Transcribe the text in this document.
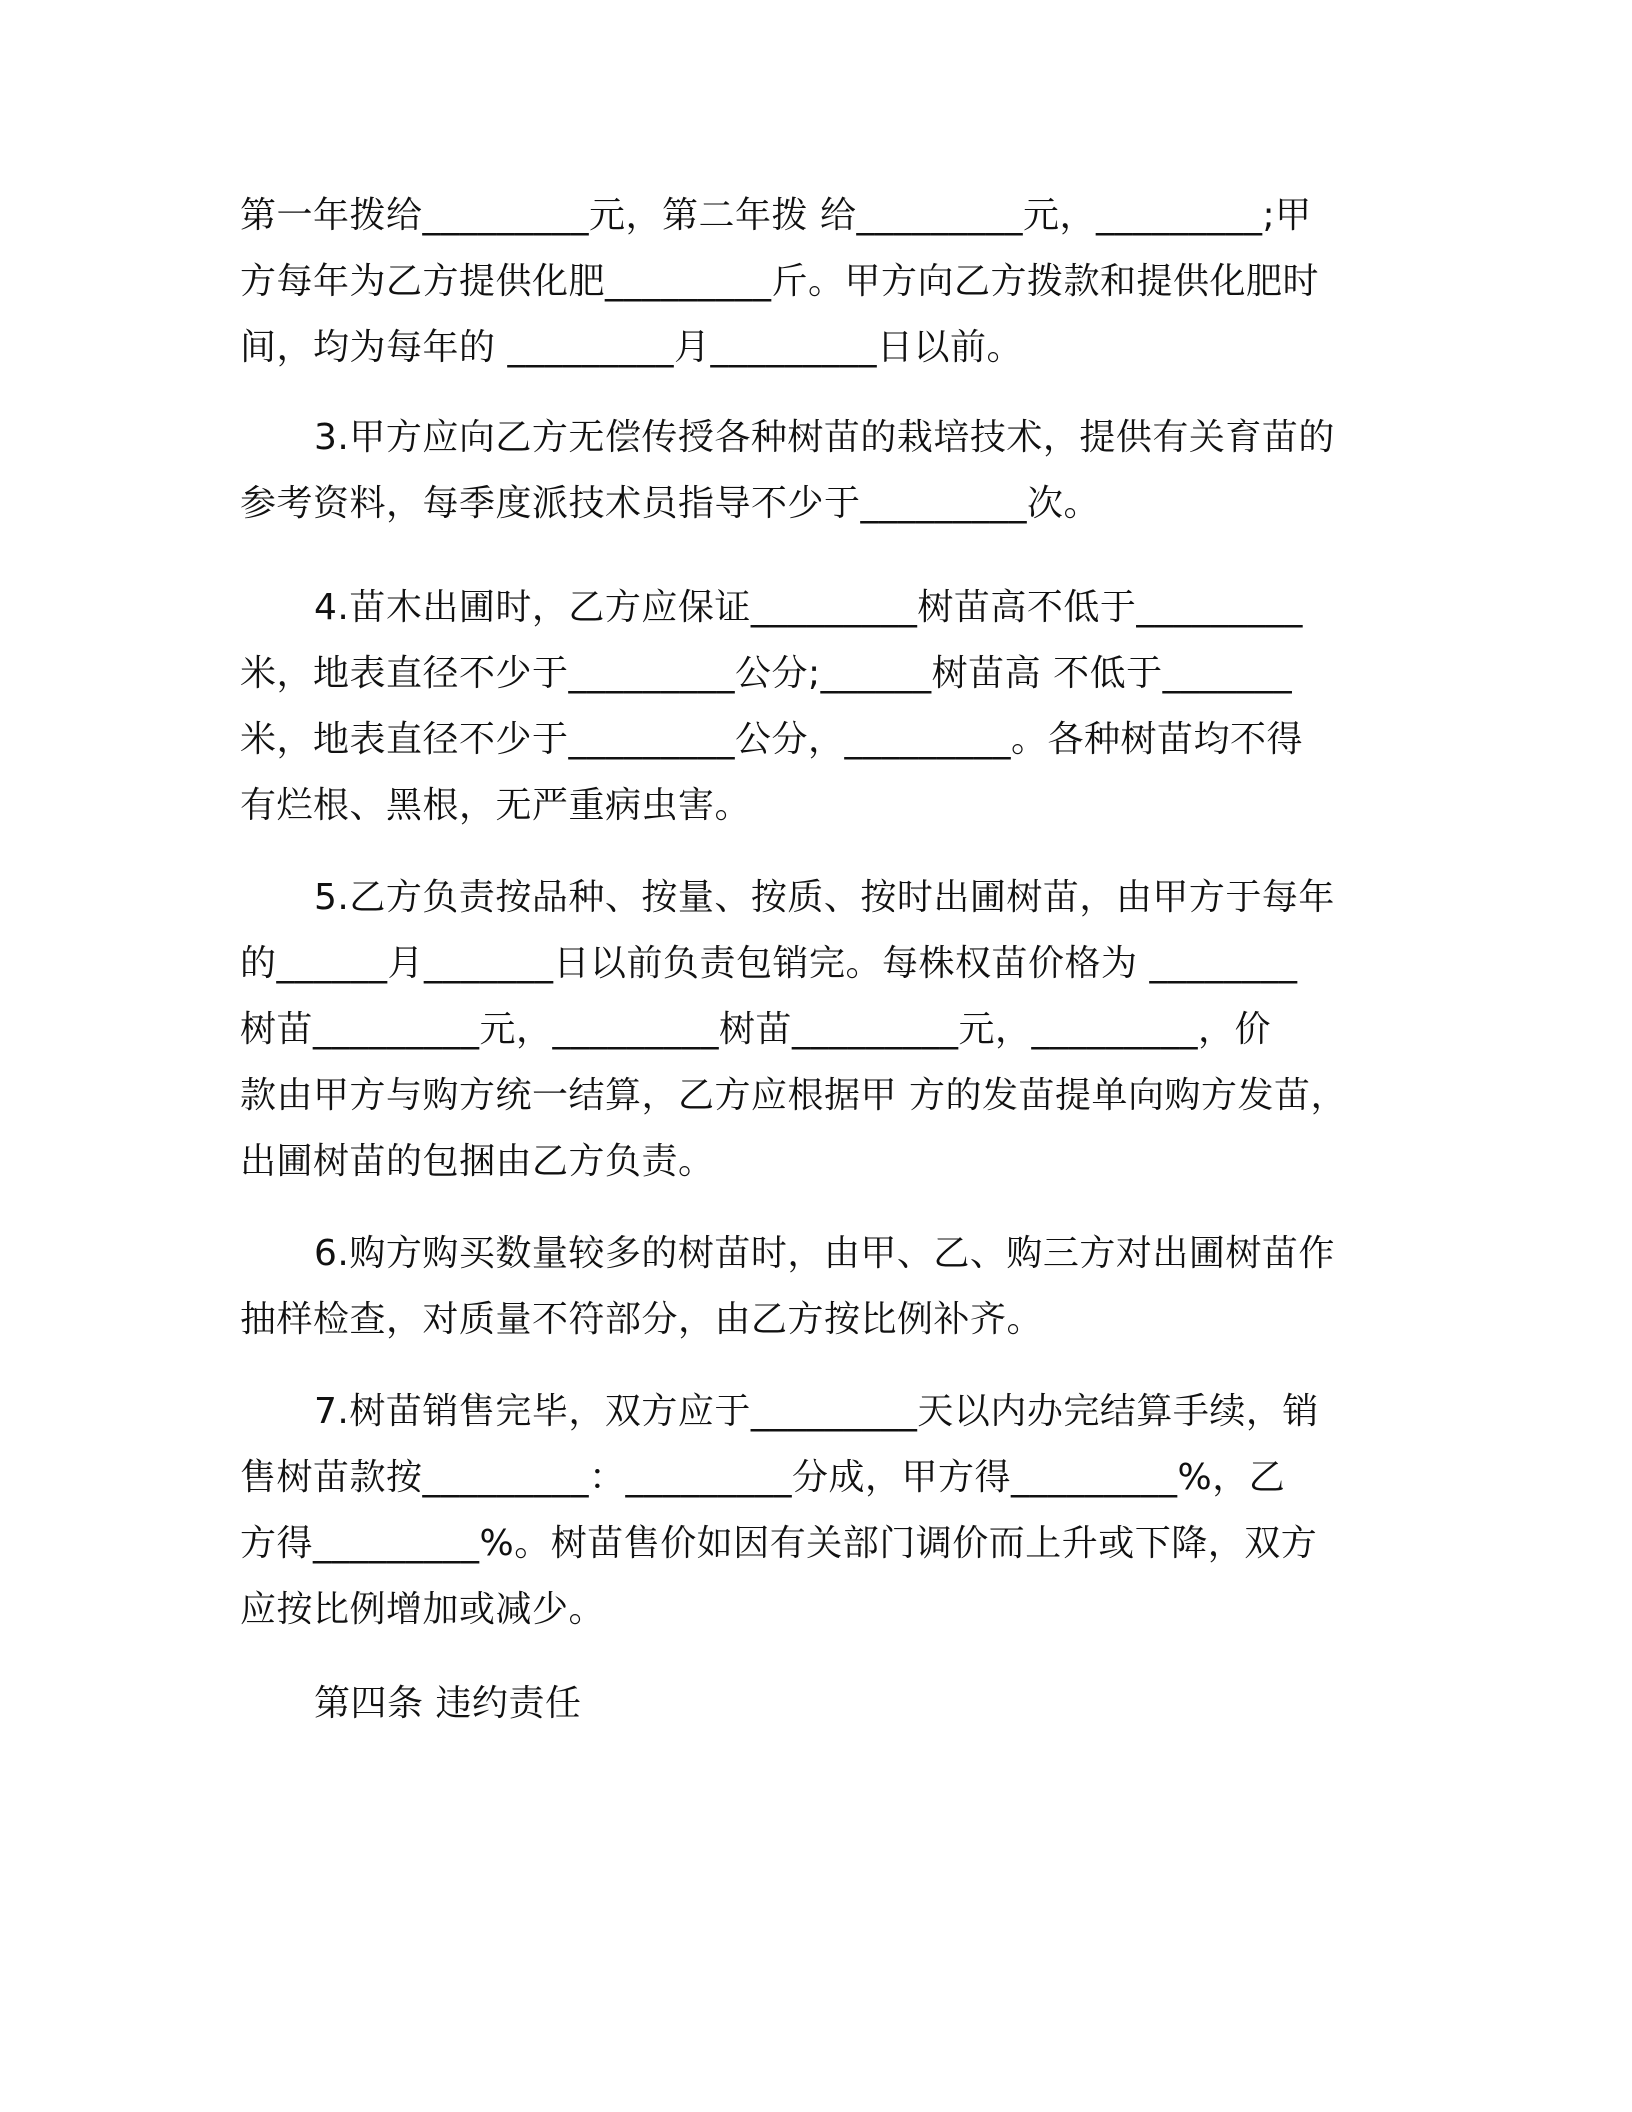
第一年拨给_________元，第二年拨 给_________元，_________;甲
方每年为乙方提供化肥_________斤。甲方向乙方拨款和提供化肥时
间，均为每年的 _________月_________日以前。
3.甲方应向乙方无偿传授各种树苗的栽培技术，提供有关育苗的
参考资料，每季度派技术员指导不少于_________次。
4.苗木出圃时，乙方应保证_________树苗高不低于_________
米，地表直径不少于_________公分;______树苗高 不低于_______
米，地表直径不少于_________公分，_________。各种树苗均不得
有烂根、黑根，无严重病虫害。
5.乙方负责按品种、按量、按质、按时出圃树苗，由甲方于每年
的______月_______日以前负责包销完。每株权苗价格为 ________
树苗_________元，_________树苗_________元，_________，价
款由甲方与购方统一结算，乙方应根据甲 方的发苗提单向购方发苗，
出圃树苗的包捆由乙方负责。
6.购方购买数量较多的树苗时，由甲、乙、购三方对出圃树苗作
抽样检查，对质量不符部分，由乙方按比例补齐。
7.树苗销售完毕，双方应于_________天以内办完结算手续，销
售树苗款按_________：_________分成，甲方得_________%，乙
方得_________%。树苗售价如因有关部门调价而上升或下降，双方
应按比例增加或减少。
第四条 违约责任
